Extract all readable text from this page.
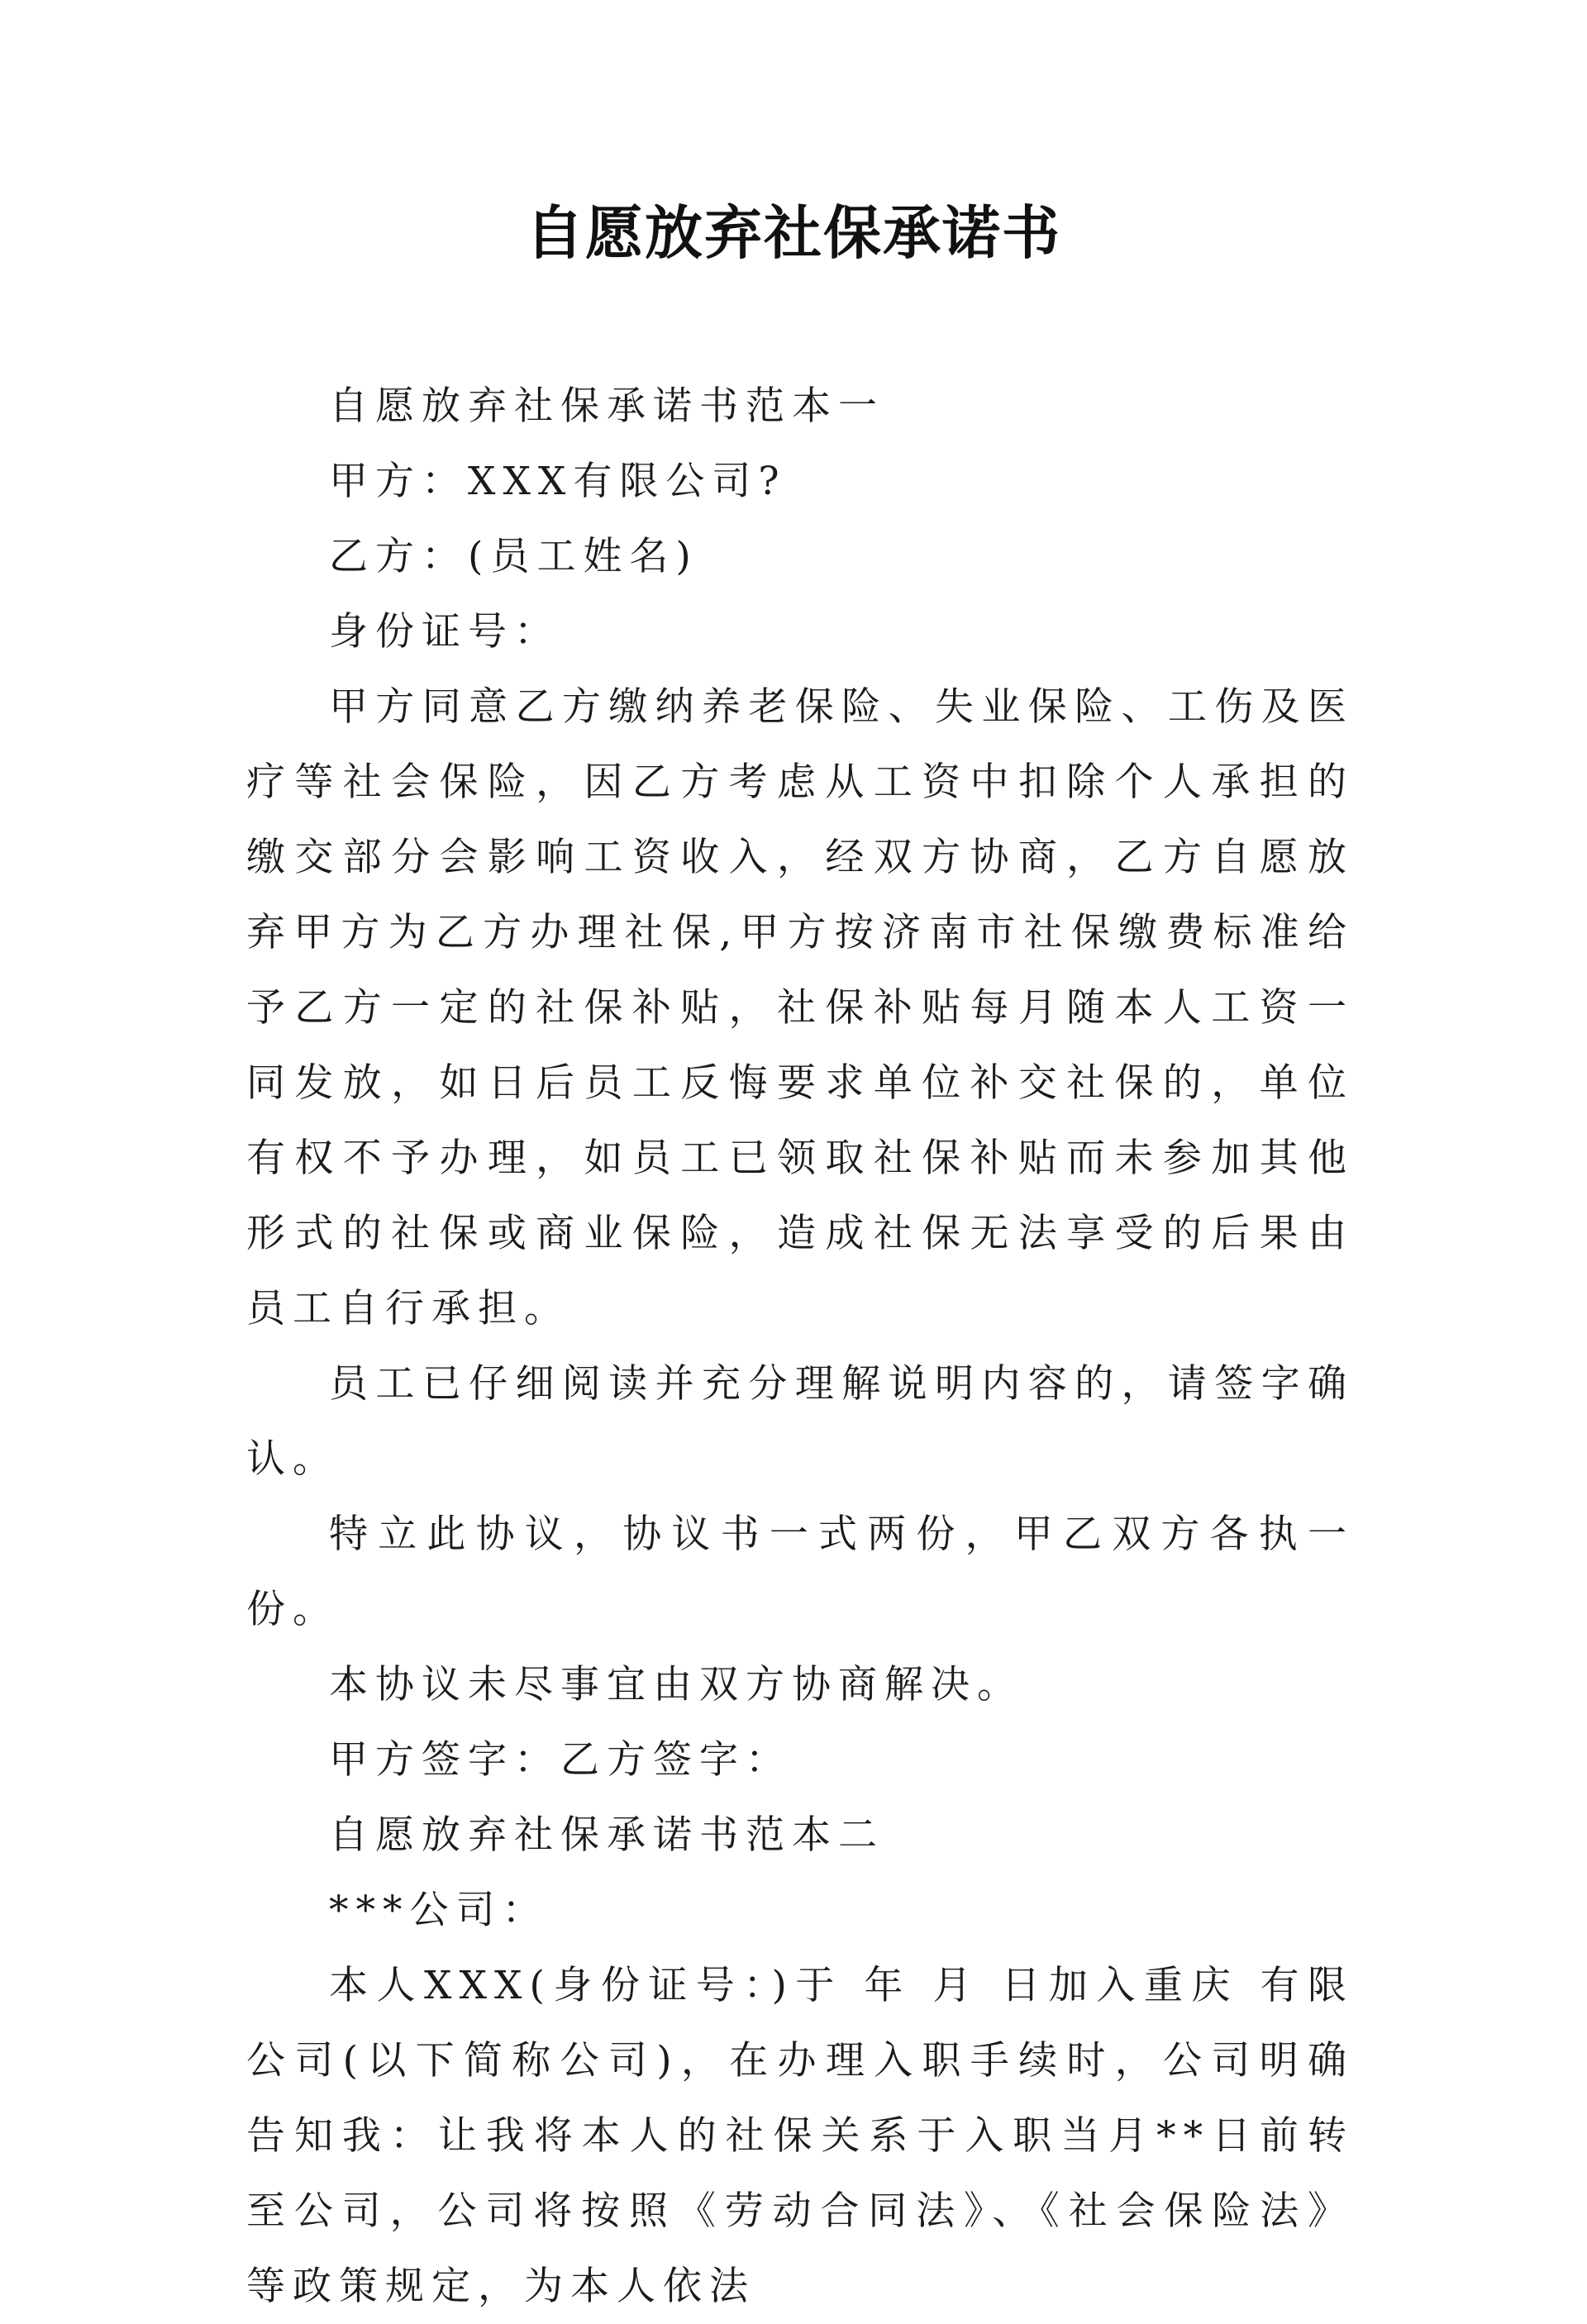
自愿放弃社保承诺书

自愿放弃社保承诺书范本一

甲方：XXX有限公司?

乙方：(员工姓名)

身份证号：

甲方同意乙方缴纳养老保险、失业保险、工伤及医疗等社会保险，因乙方考虑从工资中扣除个人承担的缴交部分会影响工资收入，经双方协商，乙方自愿放弃甲方为乙方办理社保,甲方按济南市社保缴费标准给予乙方一定的社保补贴，社保补贴每月随本人工资一同发放，如日后员工反悔要求单位补交社保的，单位有权不予办理，如员工已领取社保补贴而未参加其他形式的社保或商业保险，造成社保无法享受的后果由员工自行承担。

员工已仔细阅读并充分理解说明内容的，请签字确认。

特立此协议，协议书一式两份，甲乙双方各执一份。

本协议未尽事宜由双方协商解决。

甲方签字：乙方签字：

自愿放弃社保承诺书范本二

***公司：

本人XXX(身份证号：)于 年 月 日加入重庆 有限公司(以下简称公司)，在办理入职手续时，公司明确告知我：让我将本人的社保关系于入职当月**日前转至公司，公司将按照《劳动合同法》、《社会保险法》等政策规定，为本人依法
